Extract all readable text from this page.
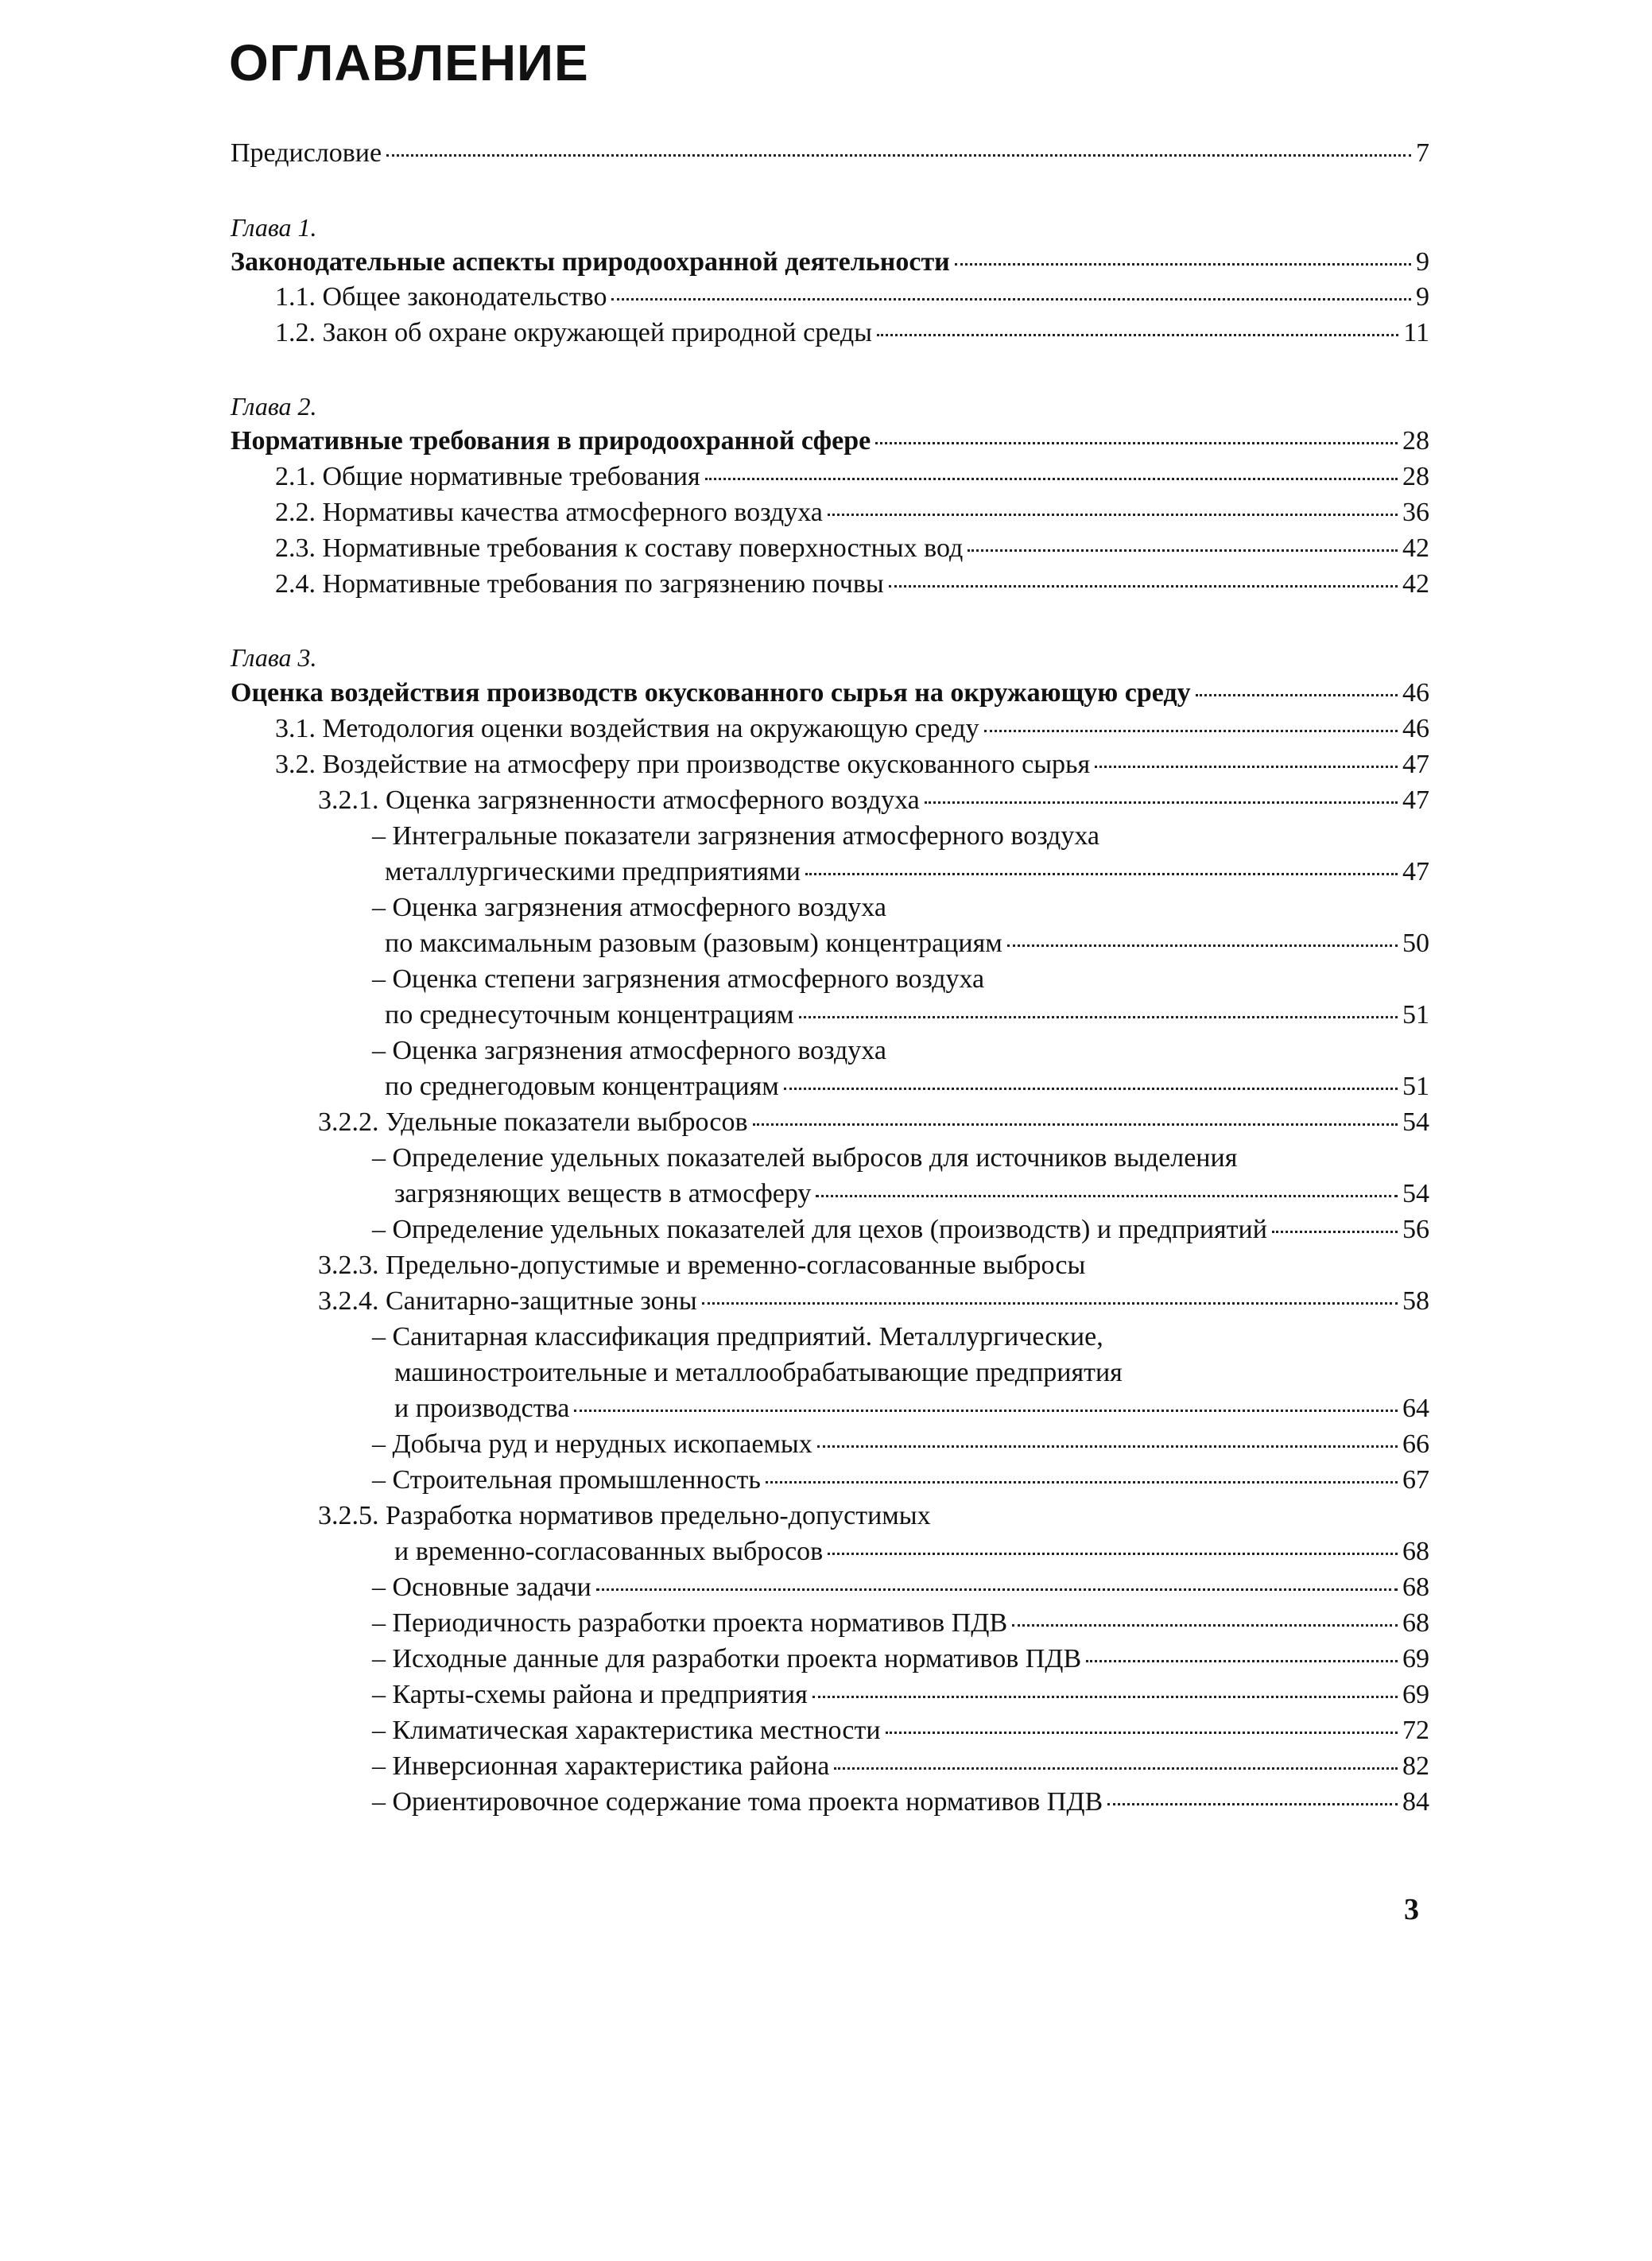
ОГЛАВЛЕНИЕ
Предисловие	7
Глава 1.
Законодательные аспекты природоохранной деятельности	9
1.1. Общее законодательство	9
1.2. Закон об охране окружающей природной среды	11
Глава 2.
Нормативные требования в природоохранной сфере	28
2.1. Общие нормативные требования	28
2.2. Нормативы качества атмосферного воздуха	36
2.3. Нормативные требования к составу поверхностных вод	42
2.4. Нормативные требования по загрязнению почвы	42
Глава 3.
Оценка воздействия производств окускованного сырья на окружающую среду	46
3.1. Методология оценки воздействия на окружающую среду	46
3.2. Воздействие на атмосферу при производстве окускованного сырья	47
3.2.1. Оценка загрязненности атмосферного воздуха	47
– Интегральные показатели загрязнения атмосферного воздуха
металлургическими предприятиями	47
– Оценка загрязнения атмосферного воздуха
по максимальным разовым (разовым) концентрациям	50
– Оценка степени загрязнения атмосферного воздуха
по среднесуточным концентрациям	51
– Оценка загрязнения атмосферного воздуха
по среднегодовым концентрациям	51
3.2.2. Удельные показатели выбросов	54
– Определение удельных показателей выбросов для источников выделения
загрязняющих веществ в атмосферу	54
– Определение удельных показателей для цехов (производств) и предприятий	56
3.2.3. Предельно-допустимые и временно-согласованные выбросы
3.2.4. Санитарно-защитные зоны	58
– Санитарная классификация предприятий. Металлургические,
машиностроительные и металлообрабатывающие предприятия
и производства	64
– Добыча руд и нерудных ископаемых	66
– Строительная промышленность	67
3.2.5. Разработка нормативов предельно-допустимых
и временно-согласованных выбросов	68
– Основные задачи	68
– Периодичность разработки проекта нормативов ПДВ	68
– Исходные данные для разработки проекта нормативов ПДВ	69
– Карты-схемы района и предприятия	69
– Климатическая характеристика местности	72
– Инверсионная характеристика района	82
– Ориентировочное содержание тома проекта нормативов ПДВ	84
3
